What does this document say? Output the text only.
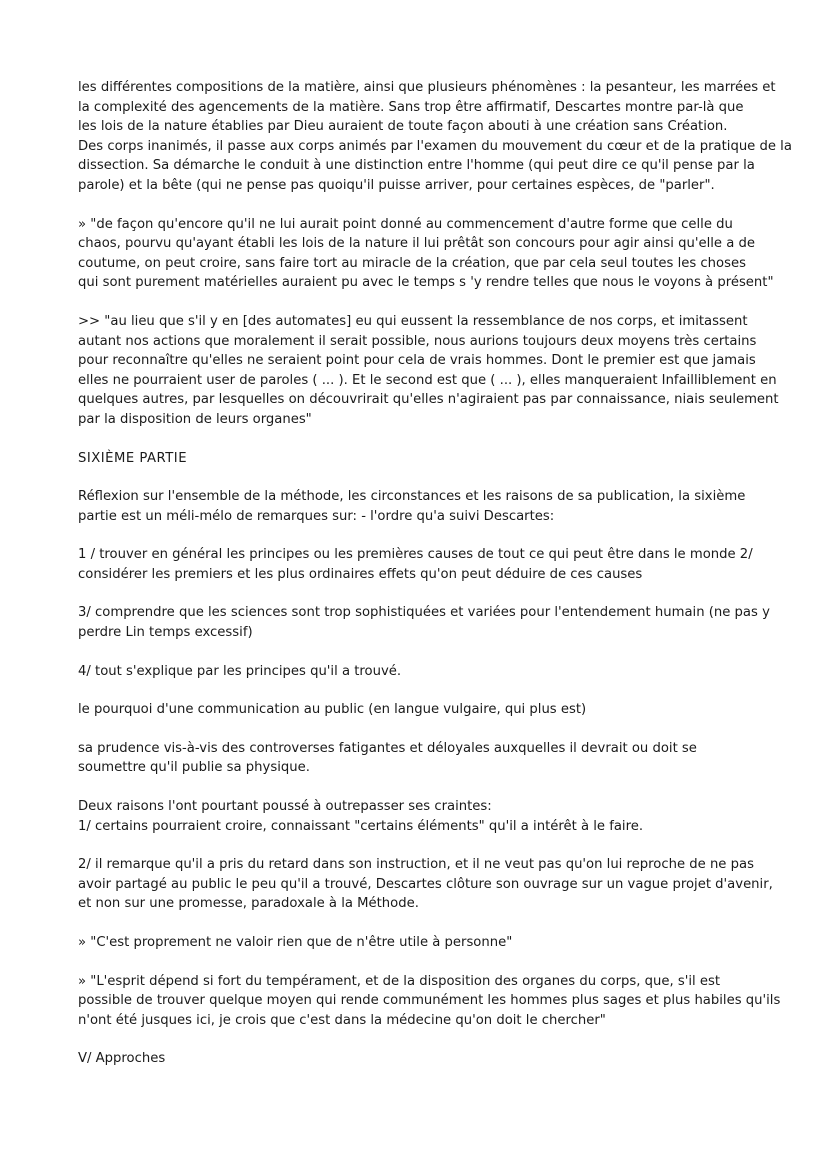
les différentes compositions de la matière, ainsi que plusieurs phénomènes : la pesanteur, les marrées et
la complexité des agencements de la matière. Sans trop être affirmatif, Descartes montre par-là que
les lois de la nature établies par Dieu auraient de toute façon abouti à une création sans Création.
Des corps inanimés, il passe aux corps animés par l'examen du mouvement du cœur et de la pratique de la
dissection. Sa démarche le conduit à une distinction entre l'homme (qui peut dire ce qu'il pense par la
parole) et la bête (qui ne pense pas quoiqu'il puisse arriver, pour certaines espèces, de "parler".

» "de façon qu'encore qu'il ne lui aurait point donné au commencement d'autre forme que celle du
chaos, pourvu qu'ayant établi les lois de la nature il lui prêtât son concours pour agir ainsi qu'elle a de
coutume, on peut croire, sans faire tort au miracle de la création, que par cela seul toutes les choses
qui sont purement matérielles auraient pu avec le temps s 'y rendre telles que nous le voyons à présent"

>> "au lieu que s'il y en [des automates] eu qui eussent la ressemblance de nos corps, et imitassent
autant nos actions que moralement il serait possible, nous aurions toujours deux moyens très certains
pour reconnaître qu'elles ne seraient point pour cela de vrais hommes. Dont le premier est que jamais
elles ne pourraient user de paroles ( ... ). Et le second est que ( ... ), elles manqueraient Infailliblement en
quelques autres, par lesquelles on découvrirait qu'elles n'agiraient pas par connaissance, niais seulement
par la disposition de leurs organes"

SIXIÈME PARTIE

Réflexion sur l'ensemble de la méthode, les circonstances et les raisons de sa publication, la sixième
partie est un méli-mélo de remarques sur: - l'ordre qu'a suivi Descartes:

1 / trouver en général les principes ou les premières causes de tout ce qui peut être dans le monde 2/
considérer les premiers et les plus ordinaires effets qu'on peut déduire de ces causes

3/ comprendre que les sciences sont trop sophistiquées et variées pour l'entendement humain (ne pas y
perdre Lin temps excessif)

4/ tout s'explique par les principes qu'il a trouvé.

le pourquoi d'une communication au public (en langue vulgaire, qui plus est)

sa prudence vis-à-vis des controverses fatigantes et déloyales auxquelles il devrait ou doit se
soumettre qu'il publie sa physique.

Deux raisons l'ont pourtant poussé à outrepasser ses craintes:
1/ certains pourraient croire, connaissant "certains éléments" qu'il a intérêt à le faire.

2/ il remarque qu'il a pris du retard dans son instruction, et il ne veut pas qu'on lui reproche de ne pas
avoir partagé au public le peu qu'il a trouvé, Descartes clôture son ouvrage sur un vague projet d'avenir,
et non sur une promesse, paradoxale à la Méthode.

» "C'est proprement ne valoir rien que de n'être utile à personne"

» "L'esprit dépend si fort du tempérament, et de la disposition des organes du corps, que, s'il est
possible de trouver quelque moyen qui rende communément les hommes plus sages et plus habiles qu'ils
n'ont été jusques ici, je crois que c'est dans la médecine qu'on doit le chercher"

V/ Approches
